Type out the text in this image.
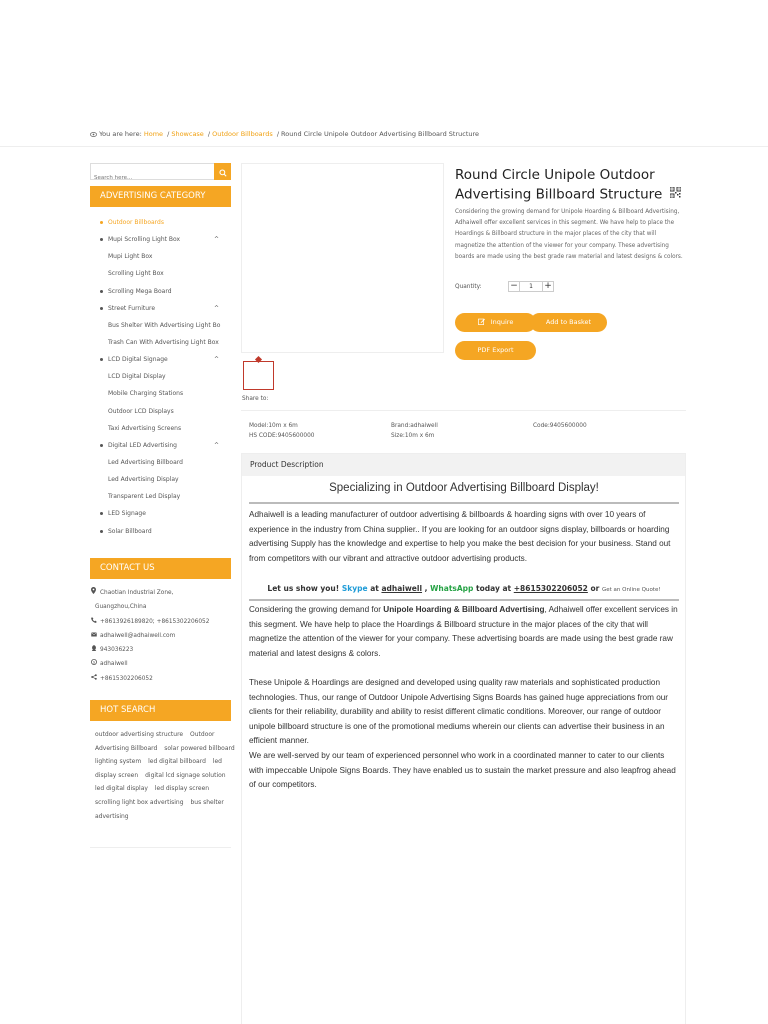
You are here: Home / Showcase / Outdoor Billboards / Round Circle Unipole Outdoor Advertising Billboard Structure
Search here...
ADVERTISING CATEGORY
Outdoor Billboards
Mupi Scrolling Light Box	^
Mupi Light Box
Scrolling Light Box
Scrolling Mega Board
Street Furniture	^
Bus Shelter With Advertising Light Bo
Trash Can With Advertising Light Box
LCD Digital Signage	^
LCD Digital Display
Mobile Charging Stations
Outdoor LCD Displays
Taxi Advertising Screens
Digital LED Advertising	^
Led Advertising Billboard
Led Advertising Display
Transparent Led Display
LED Signage
Solar Billboard
CONTACT US
Chaotian Industrial Zone,
Guangzhou,China
+8613926189820; +8615302206052
adhaiwell@adhaiwell.com
943036223
S adhaiwell
+8615302206052
HOT SEARCH
outdoor advertising structure Outdoor Advertising Billboard solar powered billboard lighting system led digital billboard led display screen digital lcd signage solution led digital display led display screen scrolling light box advertising bus shelter advertising
Share to:
Round Circle Unipole Outdoor Advertising Billboard Structure
Considering the growing demand for Unipole Hoarding & Billboard Advertising, Adhaiwell offer excellent services in this segment. We have help to place the Hoardings & Billboard structure in the major places of the city that will magnetize the attention of the viewer for your company. These advertising boards are made using the best grade raw material and latest designs & colors.
Quantity:	−	1	+
Inquire	Add to Basket
PDF Export
Model:10m x 6m
HS CODE:9405600000
Brand:adhaiwell
Size:10m x 6m
Code:9405600000
Product Description
Specializing in Outdoor Advertising Billboard Display!
Adhaiwell is a leading manufacturer of outdoor advertising & billboards & hoarding signs with over 10 years of experience in the industry from China supplier.. If you are looking for an outdoor signs display, billboards or hoarding advertising Supply has the knowledge and expertise to help you make the best decision for your business. Stand out from competitors with our vibrant and attractive outdoor advertising products.
Let us show you! Skype at adhaiwell , WhatsApp today at +8615302206052 or Get an Online Quote!
Considering the growing demand for Unipole Hoarding & Billboard Advertising, Adhaiwell offer excellent services in this segment. We have help to place the Hoardings & Billboard structure in the major places of the city that will magnetize the attention of the viewer for your company. These advertising boards are made using the best grade raw material and latest designs & colors.
These Unipole & Hoardings are designed and developed using quality raw materials and sophisticated production technologies. Thus, our range of Outdoor Unipole Advertising Signs Boards has gained huge appreciations from our clients for their reliability, durability and ability to resist different climatic conditions. Moreover, our range of outdoor unipole billboard structure is one of the promotional mediums wherein our clients can advertise their business in an efficient manner.
We are well-served by our team of experienced personnel who work in a coordinated manner to cater to our clients with impeccable Unipole Signs Boards. They have enabled us to sustain the market pressure and also leapfrog ahead of our competitors.
